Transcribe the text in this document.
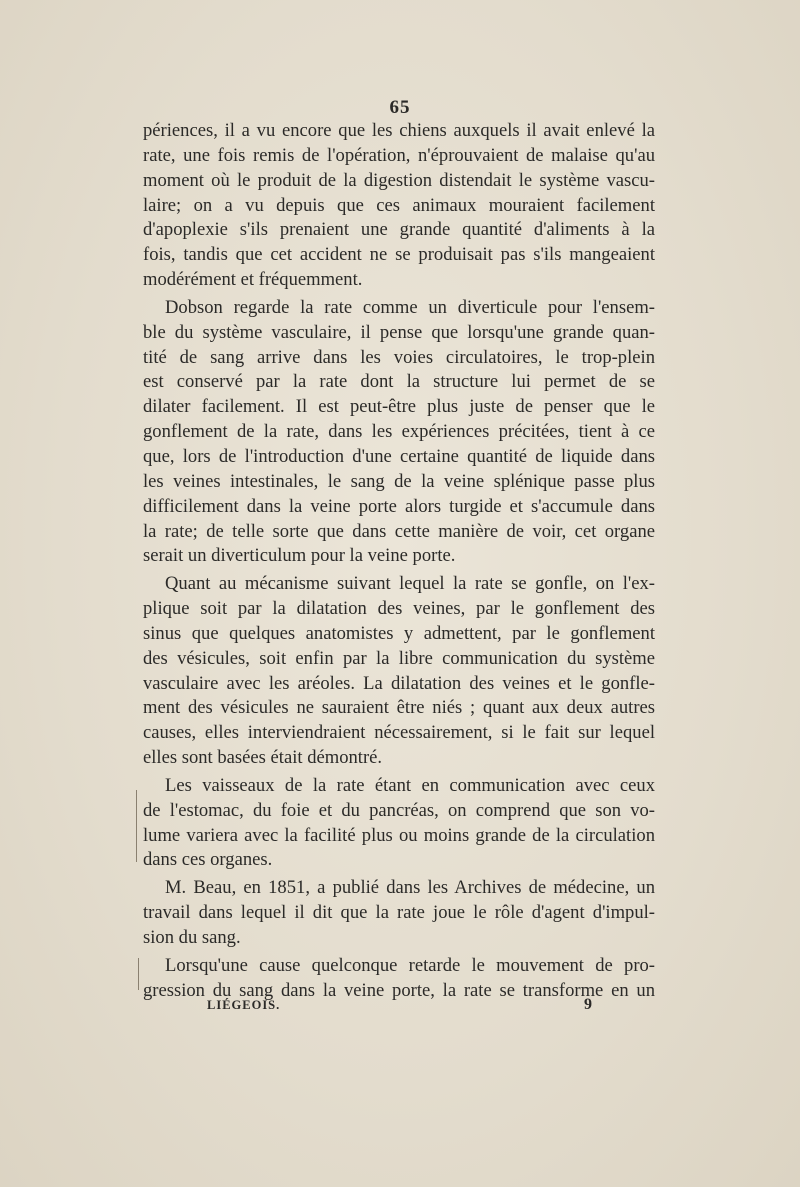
65
périences, il a vu encore que les chiens auxquels il avait enlevé la
rate, une fois remis de l'opération, n'éprouvaient de malaise qu'au
moment où le produit de la digestion distendait le système vascu-
laire; on a vu depuis que ces animaux mouraient facilement
d'apoplexie s'ils prenaient une grande quantité d'aliments à la
fois, tandis que cet accident ne se produisait pas s'ils mangeaient
modérément et fréquemment.
Dobson regarde la rate comme un diverticule pour l'ensem-
ble du système vasculaire, il pense que lorsqu'une grande quan-
tité de sang arrive dans les voies circulatoires, le trop-plein
est conservé par la rate dont la structure lui permet de se
dilater facilement. Il est peut-être plus juste de penser que le
gonflement de la rate, dans les expériences précitées, tient à ce
que, lors de l'introduction d'une certaine quantité de liquide dans
les veines intestinales, le sang de la veine splénique passe plus
difficilement dans la veine porte alors turgide et s'accumule dans
la rate; de telle sorte que dans cette manière de voir, cet organe
serait un diverticulum pour la veine porte.
Quant au mécanisme suivant lequel la rate se gonfle, on l'ex-
plique soit par la dilatation des veines, par le gonflement des
sinus que quelques anatomistes y admettent, par le gonflement
des vésicules, soit enfin par la libre communication du système
vasculaire avec les aréoles. La dilatation des veines et le gonfle-
ment des vésicules ne sauraient être niés ; quant aux deux autres
causes, elles interviendraient nécessairement, si le fait sur lequel
elles sont basées était démontré.
Les vaisseaux de la rate étant en communication avec ceux
de l'estomac, du foie et du pancréas, on comprend que son vo-
lume variera avec la facilité plus ou moins grande de la circulation
dans ces organes.
M. Beau, en 1851, a publié dans les Archives de médecine, un
travail dans lequel il dit que la rate joue le rôle d'agent d'impul-
sion du sang.
Lorsqu'une cause quelconque retarde le mouvement de pro-
gression du sang dans la veine porte, la rate se transforme en un
LIÉGEOIS.	9
